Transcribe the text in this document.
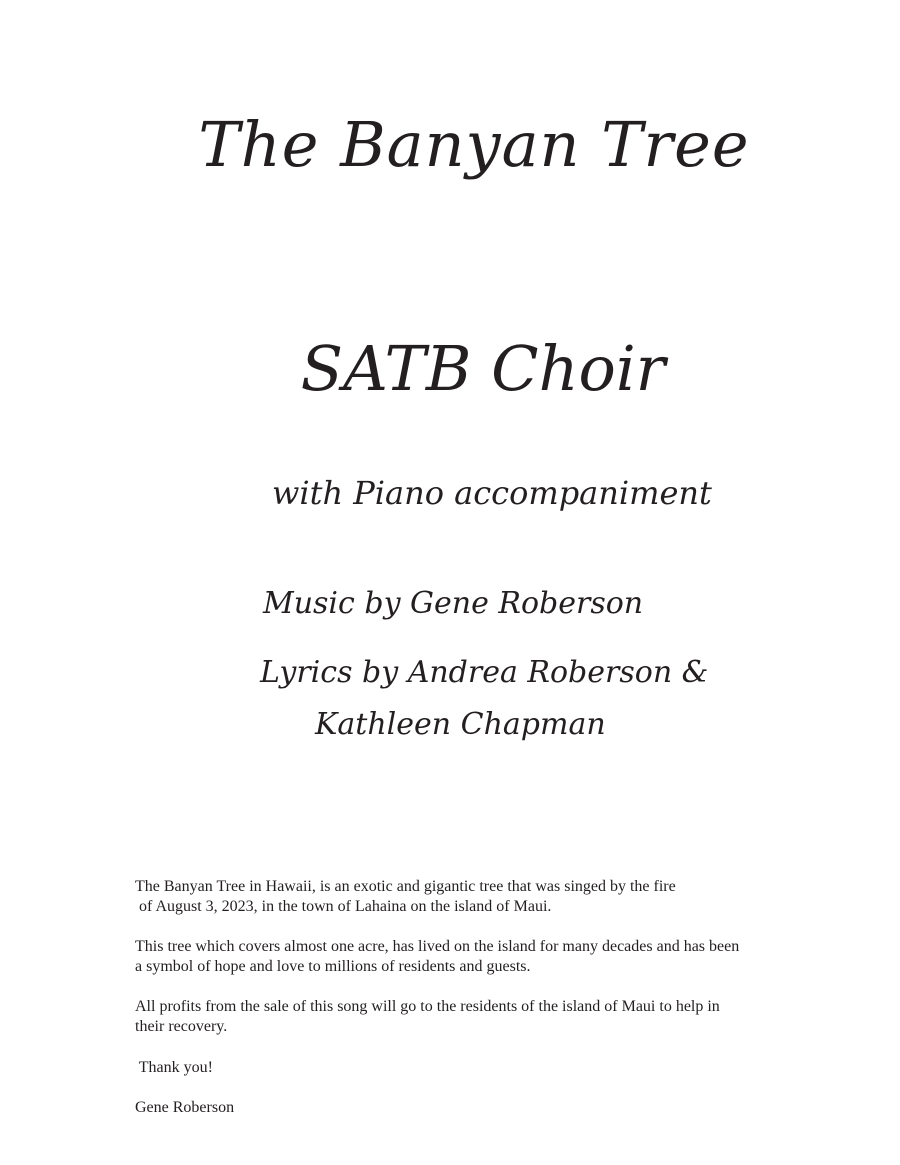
The Banyan Tree
SATB Choir
with Piano accompaniment
Music by Gene Roberson
Lyrics by Andrea Roberson &
Kathleen Chapman
The Banyan Tree in Hawaii, is an exotic and gigantic tree that was singed by the fire
of August 3, 2023, in the town of Lahaina on the island of Maui.
This tree which covers almost one acre, has lived on the island for many decades and has been
a symbol of hope and love to millions of residents and guests.
All profits from the sale of this song will go to the residents of the island of Maui to help in
their recovery.
Thank you!
Gene Roberson
